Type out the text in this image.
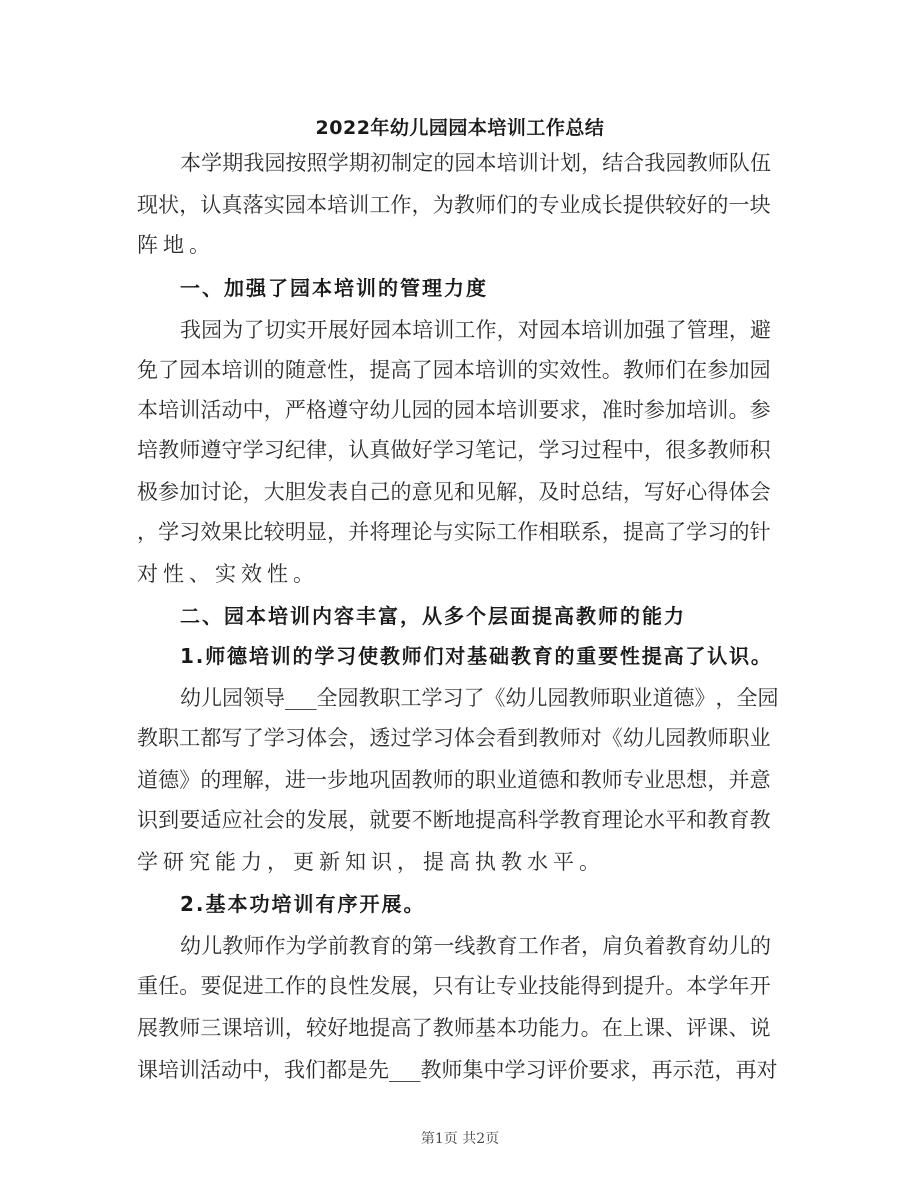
2022年幼儿园园本培训工作总结
本 学 期 我 园 按 照 学 期 初 制 定 的 园 本 培 训 计 划 ， 结 合 我 园 教 师 队 伍
现 状 ， 认 真 落 实 园 本 培 训 工 作 ， 为 教 师 们 的 专 业 成 长 提 供 较 好 的 一 块
阵地。
一、加强了园本培训的管理力度
我 园 为 了 切 实 开 展 好 园 本 培 训 工 作 ， 对 园 本 培 训 加 强 了 管 理 ， 避
免 了 园 本 培 训 的 随 意 性 ， 提 高 了 园 本 培 训 的 实 效 性 。 教 师 们 在 参 加 园
本 培 训 活 动 中 ， 严 格 遵 守 幼 儿 园 的 园 本 培 训 要 求 ， 准 时 参 加 培 训 。 参
培 教 师 遵 守 学 习 纪 律 ， 认 真 做 好 学 习 笔 记 ， 学 习 过 程 中 ， 很 多 教 师 积
极 参 加 讨 论 ， 大 胆 发 表 自 己 的 意 见 和 见 解 ， 及 时 总 结 ， 写 好 心 得 体 会
， 学 习 效 果 比 较 明 显 ， 并 将 理 论 与 实 际 工 作 相 联 系 ， 提 高 了 学 习 的 针
对性、实效性。
二、园本培训内容丰富，从多个层面提高教师的能力
1 . 师 德 培 训 的 学 习 使 教 师 们 对 基 础 教 育 的 重 要 性 提 高 了 认 识 。
幼 儿 园 领 导 _ _ _ 全 园 教 职 工 学 习 了 《 幼 儿 园 教 师 职 业 道 德 》 ， 全 园
教 职 工 都 写 了 学 习 体 会 ， 透 过 学 习 体 会 看 到 教 师 对 《 幼 儿 园 教 师 职 业
道 德 》 的 理 解 ， 进 一 步 地 巩 固 教 师 的 职 业 道 德 和 教 师 专 业 思 想 ， 并 意
识 到 要 适 应 社 会 的 发 展 ， 就 要 不 断 地 提 高 科 学 教 育 理 论 水 平 和 教 育 教
学研究能力，更新知识，提高执教水平。
2.基本功培训有序开展。
幼 儿 教 师 作 为 学 前 教 育 的 第 一 线 教 育 工 作 者 ， 肩 负 着 教 育 幼 儿 的
重 任 。 要 促 进 工 作 的 良 性 发 展 ， 只 有 让 专 业 技 能 得 到 提 升 。 本 学 年 开
展 教 师 三 课 培 训 ， 较 好 地 提 高 了 教 师 基 本 功 能 力 。 在 上 课 、 评 课 、 说
课 培 训 活 动 中 ， 我 们 都 是 先 _ _ _ 教 师 集 中 学 习 评 价 要 求 ， 再 示 范 ， 再 对
第1页 共2页
